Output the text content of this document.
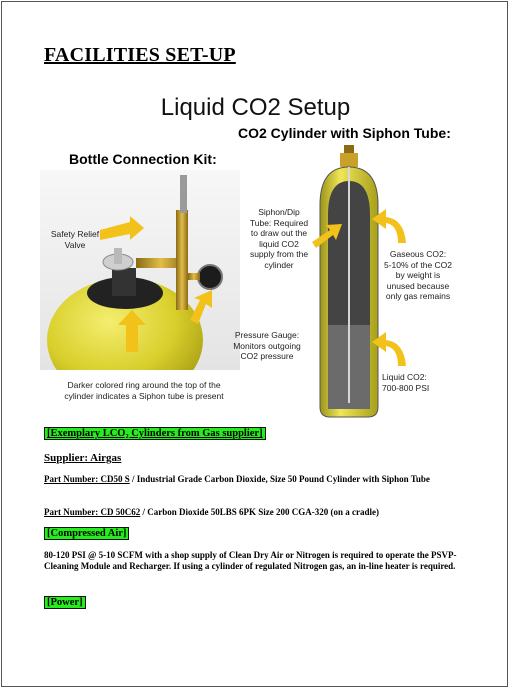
FACILITIES SET-UP
Liquid CO2 Setup
CO2 Cylinder with Siphon Tube:
Bottle Connection Kit:
Safety Relief
Valve
Siphon/Dip
Tube: Required
to draw out the
liquid CO2
supply from the
cylinder
Gaseous CO2:
5-10% of the CO2
by weight is
unused because
only gas remains
Pressure Gauge:
Monitors outgoing
CO2 pressure
Liquid CO2:
700-800 PSI
Darker colored ring around the top of the
cylinder indicates a Siphon tube is present
[Exemplary LCO₂ Cylinders from Gas supplier]
Supplier: Airgas
Part Number: CD50 S / Industrial Grade Carbon Dioxide, Size 50 Pound Cylinder with Siphon Tube
Part Number: CD 50C62 / Carbon Dioxide 50LBS 6PK Size 200 CGA-320 (on a cradle)
[Compressed Air]
80-120 PSI @ 5-10 SCFM with a shop supply of Clean Dry Air or Nitrogen is required to operate the PSVP-Cleaning Module and Recharger. If using a cylinder of regulated Nitrogen gas, an in-line heater is required.
[Power]
